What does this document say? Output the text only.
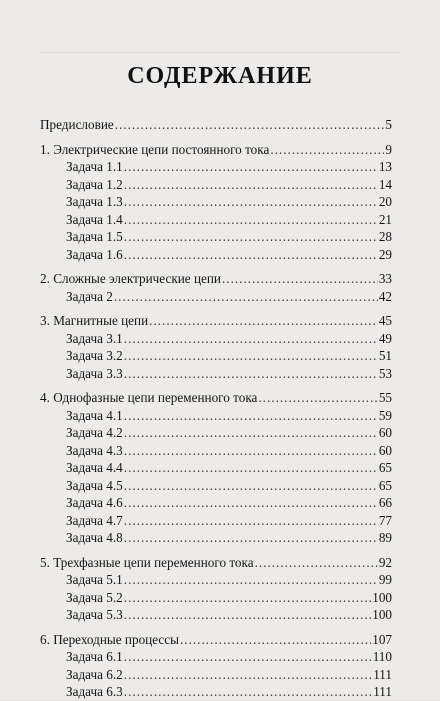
СОДЕРЖАНИЕ
Предисловие .....	5
1. Электрические цепи постоянного тока .....	9
Задача 1.1 .....	13
Задача 1.2 .....	14
Задача 1.3 .....	20
Задача 1.4 .....	21
Задача 1.5 .....	28
Задача 1.6 .....	29
2. Сложные электрические цепи .....	33
Задача 2 .....	42
3. Магнитные цепи .....	45
Задача 3.1 .....	49
Задача 3.2 .....	51
Задача 3.3 .....	53
4. Однофазные цепи переменного тока .....	55
Задача 4.1 .....	59
Задача 4.2 .....	60
Задача 4.3 .....	60
Задача 4.4 .....	65
Задача 4.5 .....	65
Задача 4.6 .....	66
Задача 4.7 .....	77
Задача 4.8 .....	89
5. Трехфазные цепи переменного тока .....	92
Задача 5.1 .....	99
Задача 5.2 .....	100
Задача 5.3 .....	100
6. Переходные процессы .....	107
Задача 6.1 .....	110
Задача 6.2 .....	111
Задача 6.3 .....	111
